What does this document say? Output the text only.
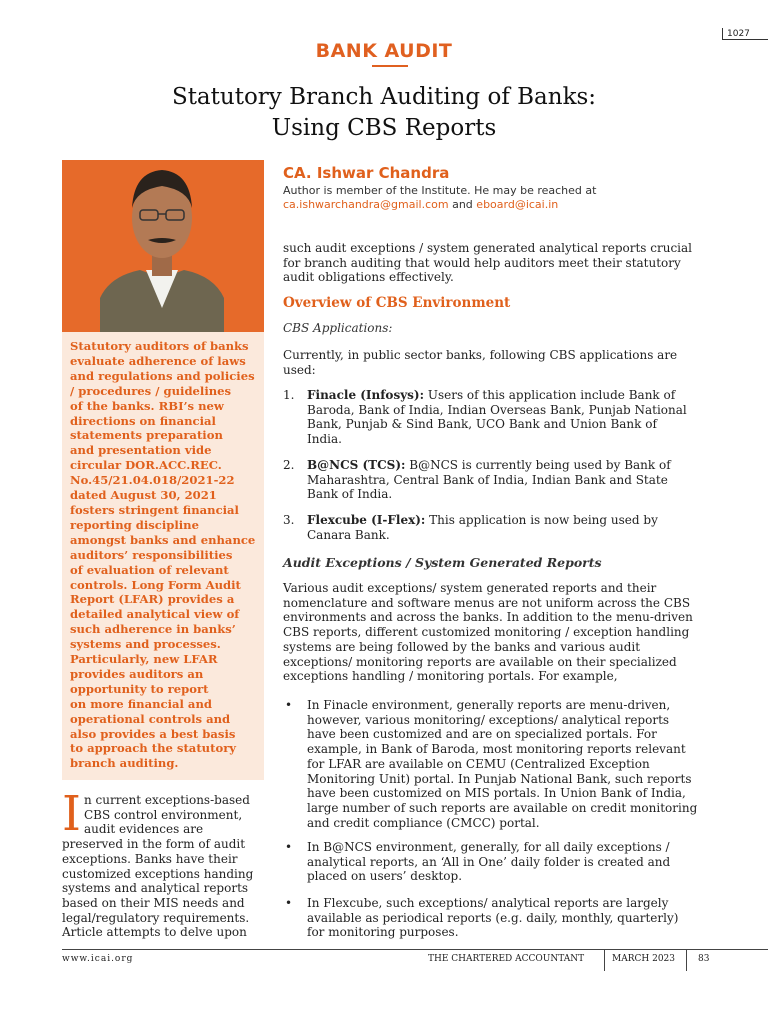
1027
BANK AUDIT
Statutory Branch Auditing of Banks:
Using CBS Reports
CA. Ishwar Chandra
Author is member of the Institute. He may be reached at
ca.ishwarchandra@gmail.com and eboard@icai.in
Statutory auditors of banks
evaluate adherence of laws
and regulations and policies
/ procedures / guidelines
of the banks. RBI’s new
directions on financial
statements preparation
and presentation vide
circular DOR.ACC.REC.
No.45/21.04.018/2021-22
dated August 30, 2021
fosters stringent financial
reporting discipline
amongst banks and enhance
auditors’ responsibilities
of evaluation of relevant
controls. Long Form Audit
Report (LFAR) provides a
detailed analytical view of
such adherence in banks’
systems and processes.
Particularly, new LFAR
provides auditors an
opportunity to report
on more financial and
operational controls and
also provides a best basis
to approach the statutory
branch auditing.
I n current exceptions-based
CBS control environment,
audit evidences are
preserved in the form of audit
exceptions. Banks have their
customized exceptions handing
systems and analytical reports
based on their MIS needs and
legal/regulatory requirements.
Article attempts to delve upon
such audit exceptions / system generated analytical reports crucial
for branch auditing that would help auditors meet their statutory
audit obligations effectively.
Overview of CBS Environment
CBS Applications:
Currently, in public sector banks, following CBS applications are
used:
1. Finacle (Infosys): Users of this application include Bank of
Baroda, Bank of India, Indian Overseas Bank, Punjab National
Bank, Punjab & Sind Bank, UCO Bank and Union Bank of
India.
2. B@NCS (TCS): B@NCS is currently being used by Bank of
Maharashtra, Central Bank of India, Indian Bank and State
Bank of India.
3. Flexcube (I-Flex): This application is now being used by
Canara Bank.
Audit Exceptions / System Generated Reports
Various audit exceptions/ system generated reports and their
nomenclature and software menus are not uniform across the CBS
environments and across the banks. In addition to the menu-driven
CBS reports, different customized monitoring / exception handling
systems are being followed by the banks and various audit
exceptions/ monitoring reports are available on their specialized
exceptions handling / monitoring portals. For example,
• In Finacle environment, generally reports are menu-driven,
however, various monitoring/ exceptions/ analytical reports
have been customized and are on specialized portals. For
example, in Bank of Baroda, most monitoring reports relevant
for LFAR are available on CEMU (Centralized Exception
Monitoring Unit) portal. In Punjab National Bank, such reports
have been customized on MIS portals. In Union Bank of India,
large number of such reports are available on credit monitoring
and credit compliance (CMCC) portal.
• In B@NCS environment, generally, for all daily exceptions /
analytical reports, an ‘All in One’ daily folder is created and
placed on users’ desktop.
• In Flexcube, such exceptions/ analytical reports are largely
available as periodical reports (e.g. daily, monthly, quarterly)
for monitoring purposes.
www.icai.org	THE CHARTERED ACCOUNTANT	MARCH 2023	83
